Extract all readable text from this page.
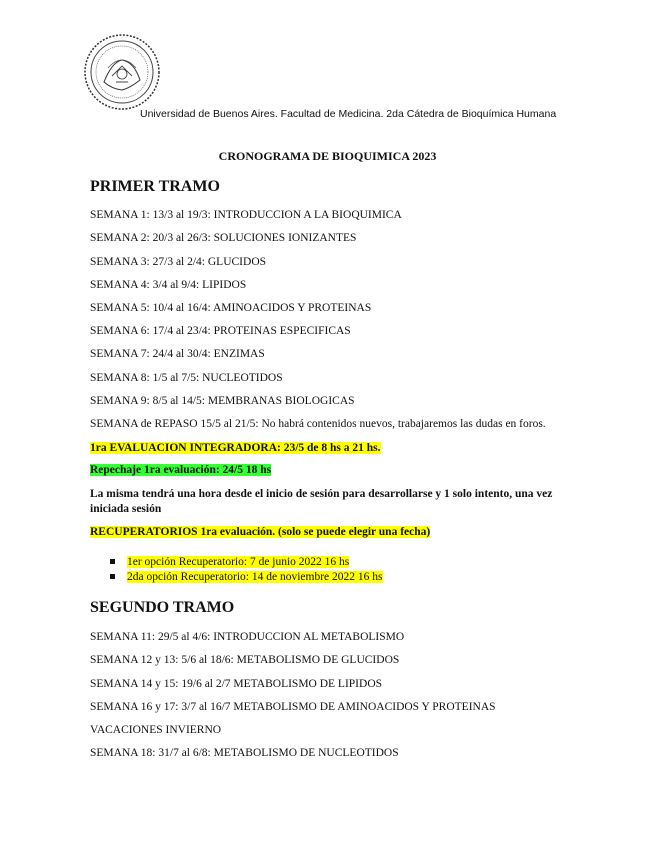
Universidad de Buenos Aires. Facultad de Medicina. 2da Cátedra de Bioquímica Humana
CRONOGRAMA DE BIOQUIMICA 2023
PRIMER TRAMO
SEMANA 1: 13/3 al 19/3: INTRODUCCION A LA BIOQUIMICA
SEMANA 2: 20/3 al 26/3: SOLUCIONES IONIZANTES
SEMANA 3: 27/3 al 2/4: GLUCIDOS
SEMANA 4: 3/4 al 9/4: LIPIDOS
SEMANA 5: 10/4 al 16/4: AMINOACIDOS Y PROTEINAS
SEMANA 6: 17/4 al 23/4: PROTEINAS ESPECIFICAS
SEMANA 7: 24/4 al 30/4: ENZIMAS
SEMANA 8: 1/5 al 7/5: NUCLEOTIDOS
SEMANA 9: 8/5 al 14/5: MEMBRANAS BIOLOGICAS
SEMANA de REPASO 15/5 al 21/5: No habrá contenidos nuevos, trabajaremos las dudas en foros.
1ra EVALUACION INTEGRADORA: 23/5 de 8 hs a 21 hs.
Repechaje 1ra evaluación: 24/5 18 hs
La misma tendrá una hora desde el inicio de sesión para desarrollarse y 1 solo intento, una vez iniciada sesión
RECUPERATORIOS 1ra evaluación. (solo se puede elegir una fecha)
1er opción Recuperatorio: 7 de junio 2022 16 hs
2da opción Recuperatorio: 14 de noviembre 2022 16 hs
SEGUNDO TRAMO
SEMANA 11: 29/5 al 4/6: INTRODUCCION AL METABOLISMO
SEMANA 12 y 13: 5/6 al 18/6: METABOLISMO DE GLUCIDOS
SEMANA 14 y 15: 19/6 al 2/7 METABOLISMO DE LIPIDOS
SEMANA 16 y 17: 3/7 al 16/7 METABOLISMO DE AMINOACIDOS Y PROTEINAS
VACACIONES INVIERNO
SEMANA 18: 31/7 al 6/8: METABOLISMO DE NUCLEOTIDOS
